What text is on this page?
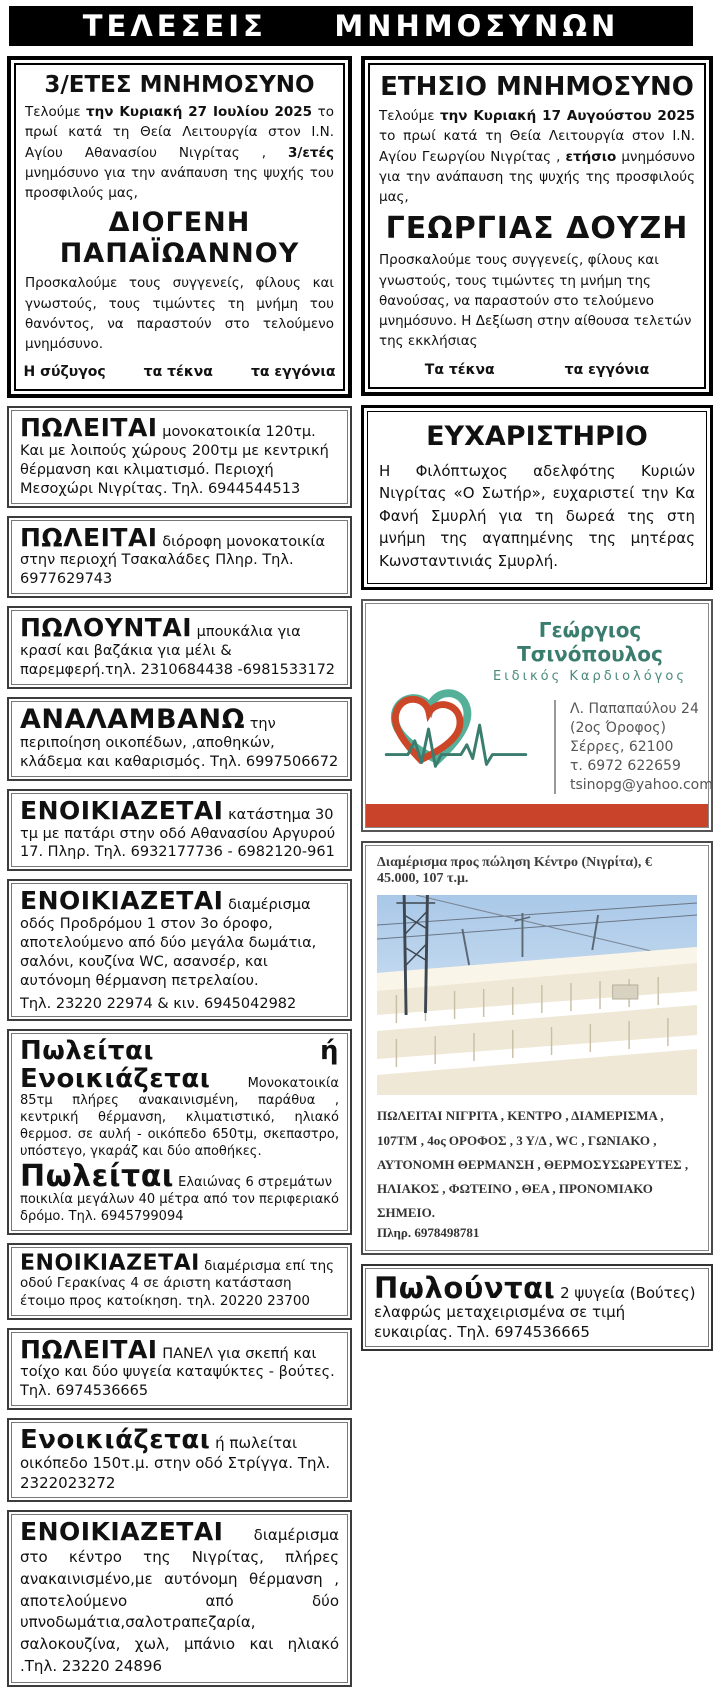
ΤΕΛΕΣΕΙΣ ΜΝΗΜΟΣΥΝΩΝ
3/ΕΤΕΣ ΜΝΗΜΟΣΥΝΟ

Τελούμε την Κυριακή 27 Ιουλίου 2025 το πρωί κατά τη Θεία Λειτουργία στον Ι.Ν. Αγίου Αθανασίου Νιγρίτας , 3/ετές μνημόσυνο για την ανάπαυση της ψυχής του προσφιλούς μας,

ΔΙΟΓΕΝΗ ΠΑΠΑΪΩΑΝΝΟΥ

Προσκαλούμε τους συγγενείς, φίλους και γνωστούς, τους τιμώντες τη μνήμη του θανόντος, να παραστούν στο τελούμενο μνημόσυνο.

Η σύζυγος	τα τέκνα	τα εγγόνια

ΠΩΛΕΙΤΑΙ μονοκατοικία 120τμ. Και με λοιπούς χώρους 200τμ με κεντρική θέρμανση και κλιματισμό. Περιοχή Μεσοχώρι Νιγρίτας. Τηλ. 6944544513

ΠΩΛΕΙΤΑΙ διόροφη μονοκατοικία στην περιοχή Τσακαλάδες Πληρ. Τηλ. 6977629743

ΠΩΛΟΥΝΤΑΙ μπουκάλια για κρασί και βαζάκια για μέλι & παρεμφερή.τηλ. 2310684438 -6981533172

ΑΝΑΛΑΜΒΑΝΩ την περιποίηση οικοπέδων, ,αποθηκών, κλάδεμα και καθαρισμός. Τηλ. 6997506672

ΕΝΟΙΚΙΑΖΕΤΑΙ κατάστημα 30 τμ με πατάρι στην οδό Αθανασίου Αργυρού 17. Πληρ. Τηλ. 6932177736 - 6982120-961

ΕΝΟΙΚΙΑΖΕΤΑΙ διαμέρισμα οδός Προδρόμου 1 στον 3ο όροφο, αποτελούμενο από δύο μεγάλα δωμάτια, σαλόνι, κουζίνα WC, ασανσέρ, και αυτόνομη θέρμανση πετρελαίου.

Τηλ. 23220 22974 & κιν. 6945042982

Πωλείται ή Ενοικιάζεται	Μονοκατοικία 85τμ πλήρες ανακαινισμένη, παράθυα , κεντρική θέρμανση, κλιματιστικό, ηλιακό θερμοσ. σε αυλή - οικόπεδο 650τμ, σκεπαστρο, υπόστεγο, γκαράζ και δύο αποθήκες.

Πωλείται Ελαιώνας 6 στρεμάτων ποικιλία μεγάλων 40 μέτρα από τον περιφεριακό δρόμο. Τηλ. 6945799094

ΕΝΟΙΚΙΑΖΕΤΑΙ διαμέρισμα επί της οδού Γερακίνας 4 σε άριστη κατάσταση έτοιμο προς κατοίκηση. τηλ. 20220 23700

ΠΩΛΕΙΤΑΙ ΠΑΝΕΛ για σκεπή και τοίχο και δύο ψυγεία καταψύκτες - βούτες. Τηλ. 6974536665

Ενοικιάζεται ή πωλείται οικόπεδο 150τ.μ. στην οδό Στρίγγα. Τηλ. 2322023272

ΕΝΟΙΚΙΑΖΕΤΑΙ διαμέρισμα στο κέντρο της Νιγρίτας, πλήρες ανακαινισμένο,με αυτόνομη θέρμανση , αποτελούμενο από δύο υπνοδωμάτια,σαλοτραπεζαρία, σαλοκουζίνα, χωλ, μπάνιο και ηλιακό .Τηλ. 23220 24896

ΕΤΗΣΙΟ ΜΝΗΜΟΣΥΝΟ

Τελούμε την Κυριακή 17 Αυγούστου 2025 το πρωί κατά τη Θεία Λειτουργία στον Ι.Ν. Αγίου Γεωργίου Νιγρίτας , ετήσιο μνημόσυνο για την ανάπαυση της ψυχής της προσφιλούς μας,

ΓΕΩΡΓΙΑΣ ΔΟΥΖΗ

Προσκαλούμε τους συγγενείς, φίλους και γνωστούς, τους τιμώντες τη μνήμη της θανούσας, να παραστούν στο τελούμενο μνημόσυνο. Η Δεξίωση στην αίθουσα τελετών της εκκλήσιας

Τα τέκνα	τα εγγόνια
ΕΥΧΑΡΙΣΤΗΡΙΟ

Η Φιλόπτωχος αδελφότης Κυριών Νιγρίτας «Ο Σωτήρ», ευχαριστεί την Κα Φανή Σμυρλή για τη δωρεά της στη μνήμη της αγαπημένης της μητέρας Κωνσταντινιάς Σμυρλή.

Γεώργιος Τσινόπουλος
Ειδικός Καρδιολόγος
Λ. Παπαπαύλου 24
(2ος Όροφος)
Σέρρες, 62100
τ. 6972 622659
tsinopg@yahoo.com

Διαμέρισμα προς πώληση Κέντρο (Νιγρίτα), € 45.000, 107 τ.μ.

ΠΩΛΕΙΤΑΙ ΝΙΓΡΙΤΑ , ΚΕΝΤΡΟ , ΔΙΑΜΕΡΙΣΜΑ , 107ΤΜ , 4ος ΟΡΟΦΟΣ , 3 Υ/Δ , WC , ΓΩΝΙΑΚΟ , ΑΥΤΟΝΟΜΗ ΘΕΡΜΑΝΣΗ , ΘΕΡΜΟΣΥΣΩΡΕΥΤΕΣ , ΗΛΙΑΚΟΣ , ΦΩΤΕΙΝΟ , ΘΕΑ , ΠΡΟΝΟΜΙΑΚΟ ΣΗΜΕΙΟ.

Πληρ. 6978498781

Πωλούνται 2 ψυγεία (Βούτες) ελαφρώς μεταχειρισμένα σε τιμή ευκαιρίας. Τηλ. 6974536665
